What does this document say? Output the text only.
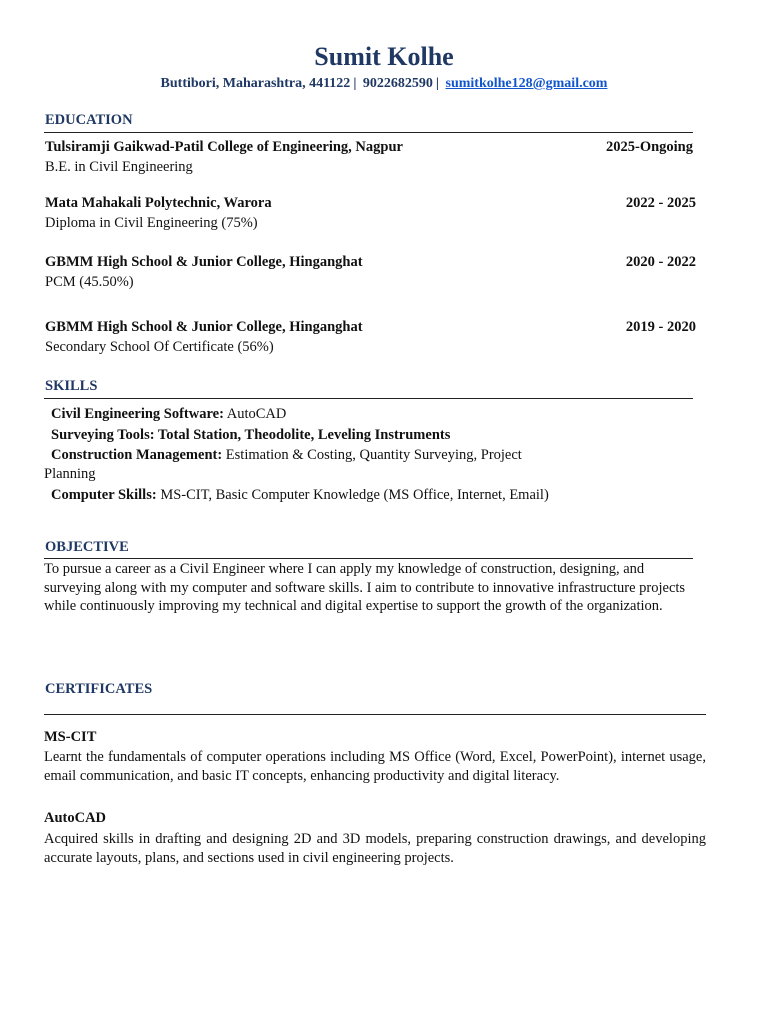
Sumit Kolhe
Buttibori, Maharashtra, 441122 | 9022682590 | sumitkolhe128@gmail.com
EDUCATION
Tulsiramji Gaikwad-Patil College of Engineering, Nagpur	2025-Ongoing
B.E. in Civil Engineering
Mata Mahakali Polytechnic, Warora	2022 - 2025
Diploma in Civil Engineering (75%)
GBMM High School & Junior College, Hinganghat	2020 - 2022
PCM (45.50%)
GBMM High School & Junior College, Hinganghat	2019 - 2020
Secondary School Of Certificate (56%)
SKILLS
Civil Engineering Software: AutoCAD
Surveying Tools: Total Station, Theodolite, Leveling Instruments
Construction Management: Estimation & Costing, Quantity Surveying, Project
Planning
Computer Skills: MS-CIT, Basic Computer Knowledge (MS Office, Internet, Email)
OBJECTIVE
To pursue a career as a Civil Engineer where I can apply my knowledge of construction, designing, and
surveying along with my computer and software skills. I aim to contribute to innovative infrastructure projects
while continuously improving my technical and digital expertise to support the growth of the organization.
CERTIFICATES
MS-CIT
Learnt the fundamentals of computer operations including MS Office (Word, Excel, PowerPoint), internet usage, email communication, and basic IT concepts, enhancing productivity and digital literacy.
AutoCAD
Acquired skills in drafting and designing 2D and 3D models, preparing construction drawings, and developing accurate layouts, plans, and sections used in civil engineering projects.
